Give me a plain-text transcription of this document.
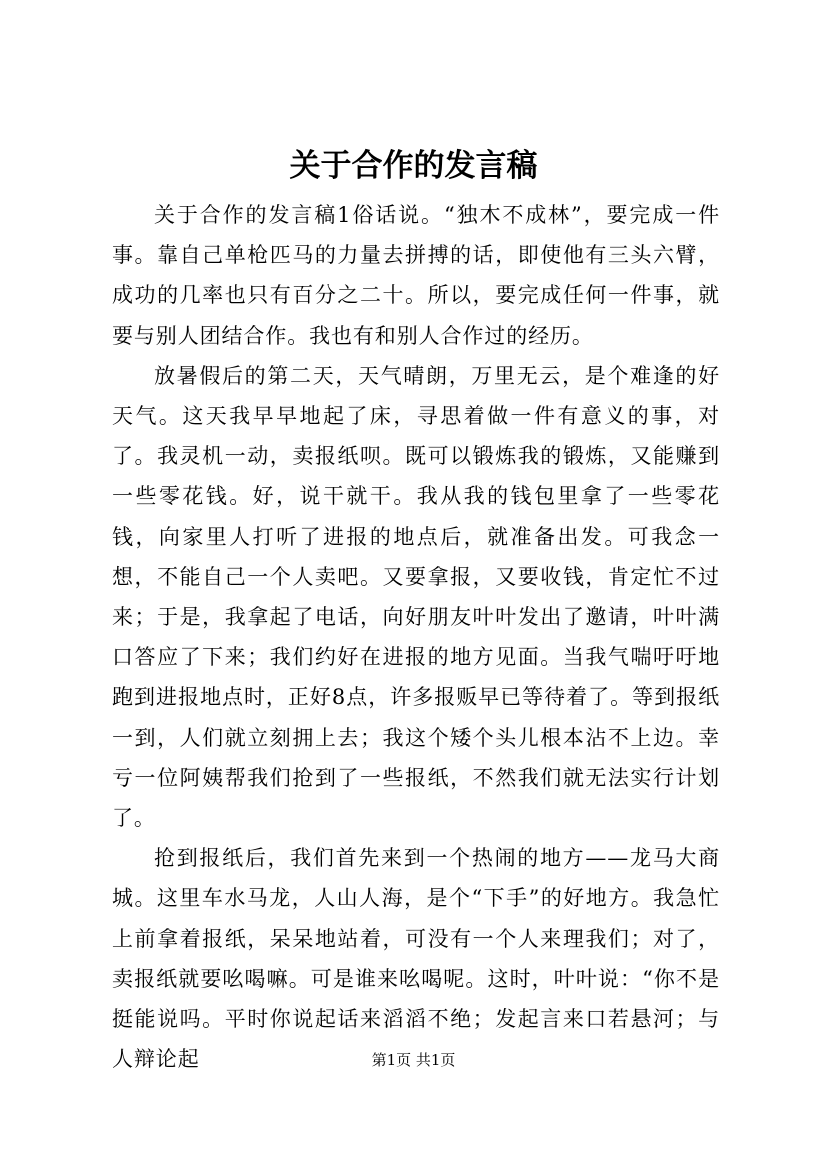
关于合作的发言稿

关于合作的发言稿1俗话说。“独木不成林”，要完成一件事。靠自己单枪匹马的力量去拼搏的话，即使他有三头六臂，成功的几率也只有百分之二十。所以，要完成任何一件事，就要与别人团结合作。我也有和别人合作过的经历。

放暑假后的第二天，天气晴朗，万里无云，是个难逢的好天气。这天我早早地起了床，寻思着做一件有意义的事，对了。我灵机一动，卖报纸呗。既可以锻炼我的锻炼，又能赚到一些零花钱。好，说干就干。我从我的钱包里拿了一些零花钱，向家里人打听了进报的地点后，就准备出发。可我念一想，不能自己一个人卖吧。又要拿报，又要收钱，肯定忙不过来；于是，我拿起了电话，向好朋友叶叶发出了邀请，叶叶满口答应了下来；我们约好在进报的地方见面。当我气喘吁吁地跑到进报地点时，正好8点，许多报贩早已等待着了。等到报纸一到，人们就立刻拥上去；我这个矮个头儿根本沾不上边。幸亏一位阿姨帮我们抢到了一些报纸，不然我们就无法实行计划了。

抢到报纸后，我们首先来到一个热闹的地方——龙马大商城。这里车水马龙，人山人海，是个“下手”的好地方。我急忙上前拿着报纸，呆呆地站着，可没有一个人来理我们；对了，卖报纸就要吆喝嘛。可是谁来吆喝呢。这时，叶叶说：“你不是挺能说吗。平时你说起话来滔滔不绝；发起言来口若悬河；与人辩论起	第1页 共1页
